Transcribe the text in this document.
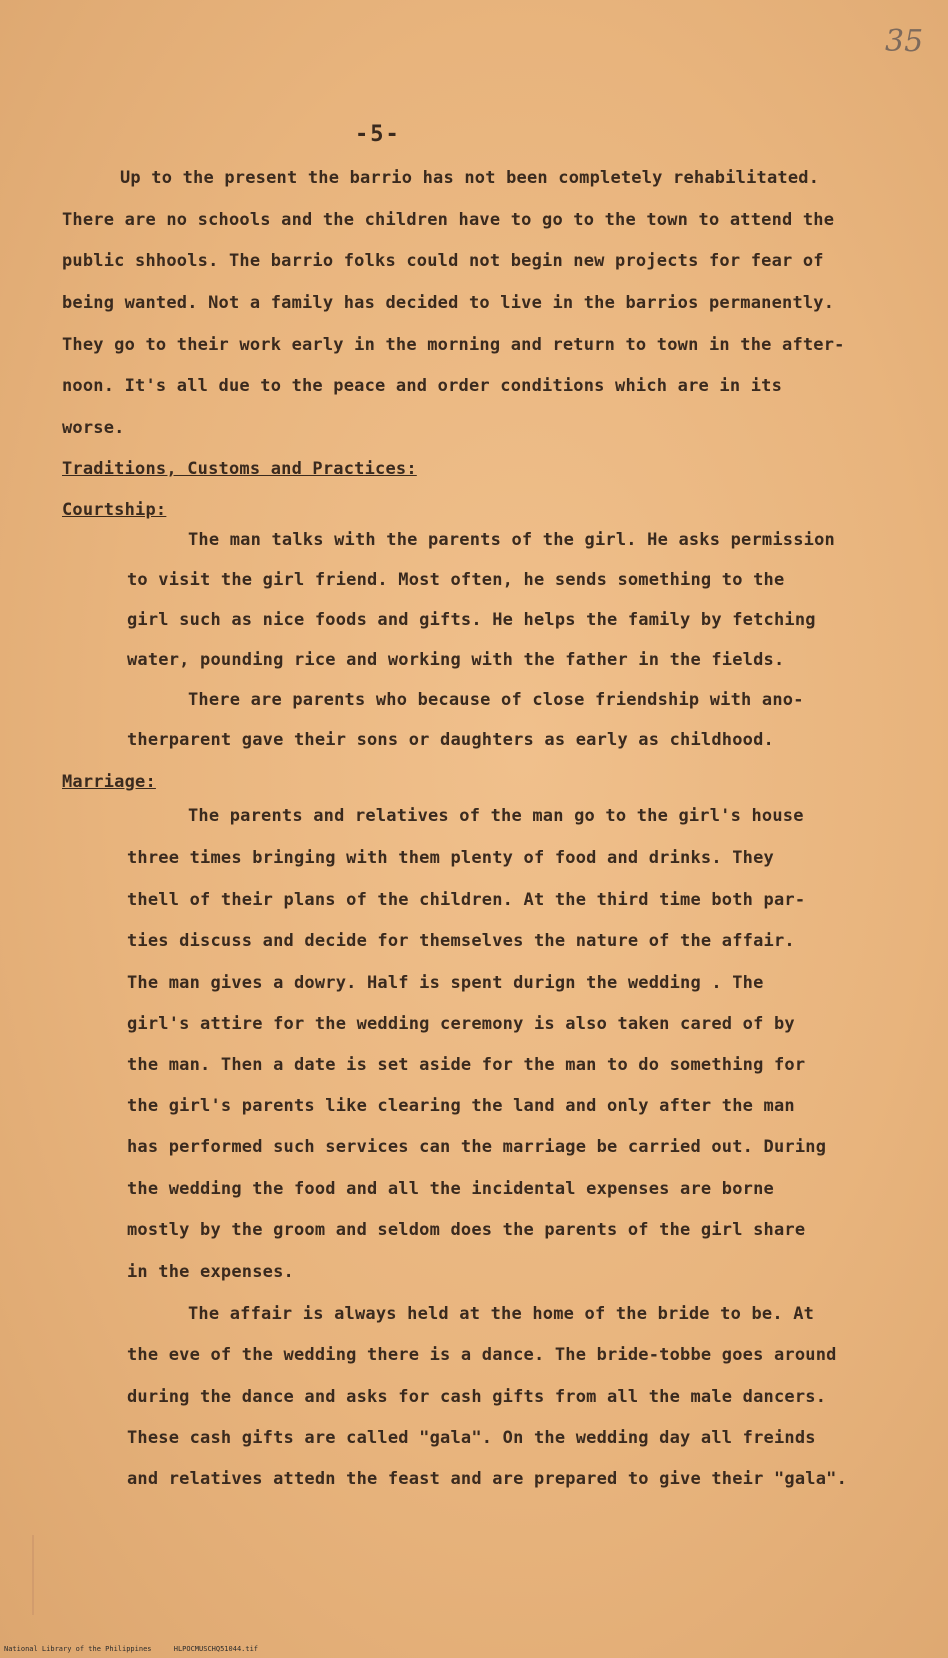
35
-5-
Up to the present the barrio has not been completely rehabilitated.
There are no schools and the children have to go to the town to attend the
public shhools. The barrio folks could not begin new projects for fear of
being wanted. Not a family has decided to live in the barrios permanently.
They go to their work early in the morning and return to town in the after-
noon. It's all due to the peace and order conditions which are in its
worse.
Traditions, Customs and Practices:
Courtship:
The man talks with the parents of the girl. He asks permission
to visit the girl friend. Most often, he sends something to the
girl such as nice foods and gifts. He helps the family by fetching
water, pounding rice and working with the father in the fields.
There are parents who because of close friendship with ano-
therparent gave their sons or daughters as early as childhood.
Marriage:
The parents and relatives of the man go to the girl's house
three times bringing with them plenty of food and drinks. They
thell of their plans of the children. At the third time both par-
ties discuss and decide for themselves the nature of the affair.
The man gives a dowry. Half is spent durign the wedding . The
girl's attire for the wedding ceremony is also taken cared of by
the man. Then a date is set aside for the man to do something for
the girl's parents like clearing the land and only after the man
has performed such services can the marriage be carried out. During
the wedding the food and all the incidental expenses are borne
mostly by the groom and seldom does the parents of the girl share
in the expenses.
The affair is always held at the home of the bride to be. At
the eve of the wedding there is a dance. The bride-tobbe goes around
during the dance and asks for cash gifts from all the male dancers.
These cash gifts are called "gala". On the wedding day all freinds
and relatives attedn the feast and are prepared to give their "gala".
National Library of the Philippines	HLPOCMUSCHQ51044.tif
